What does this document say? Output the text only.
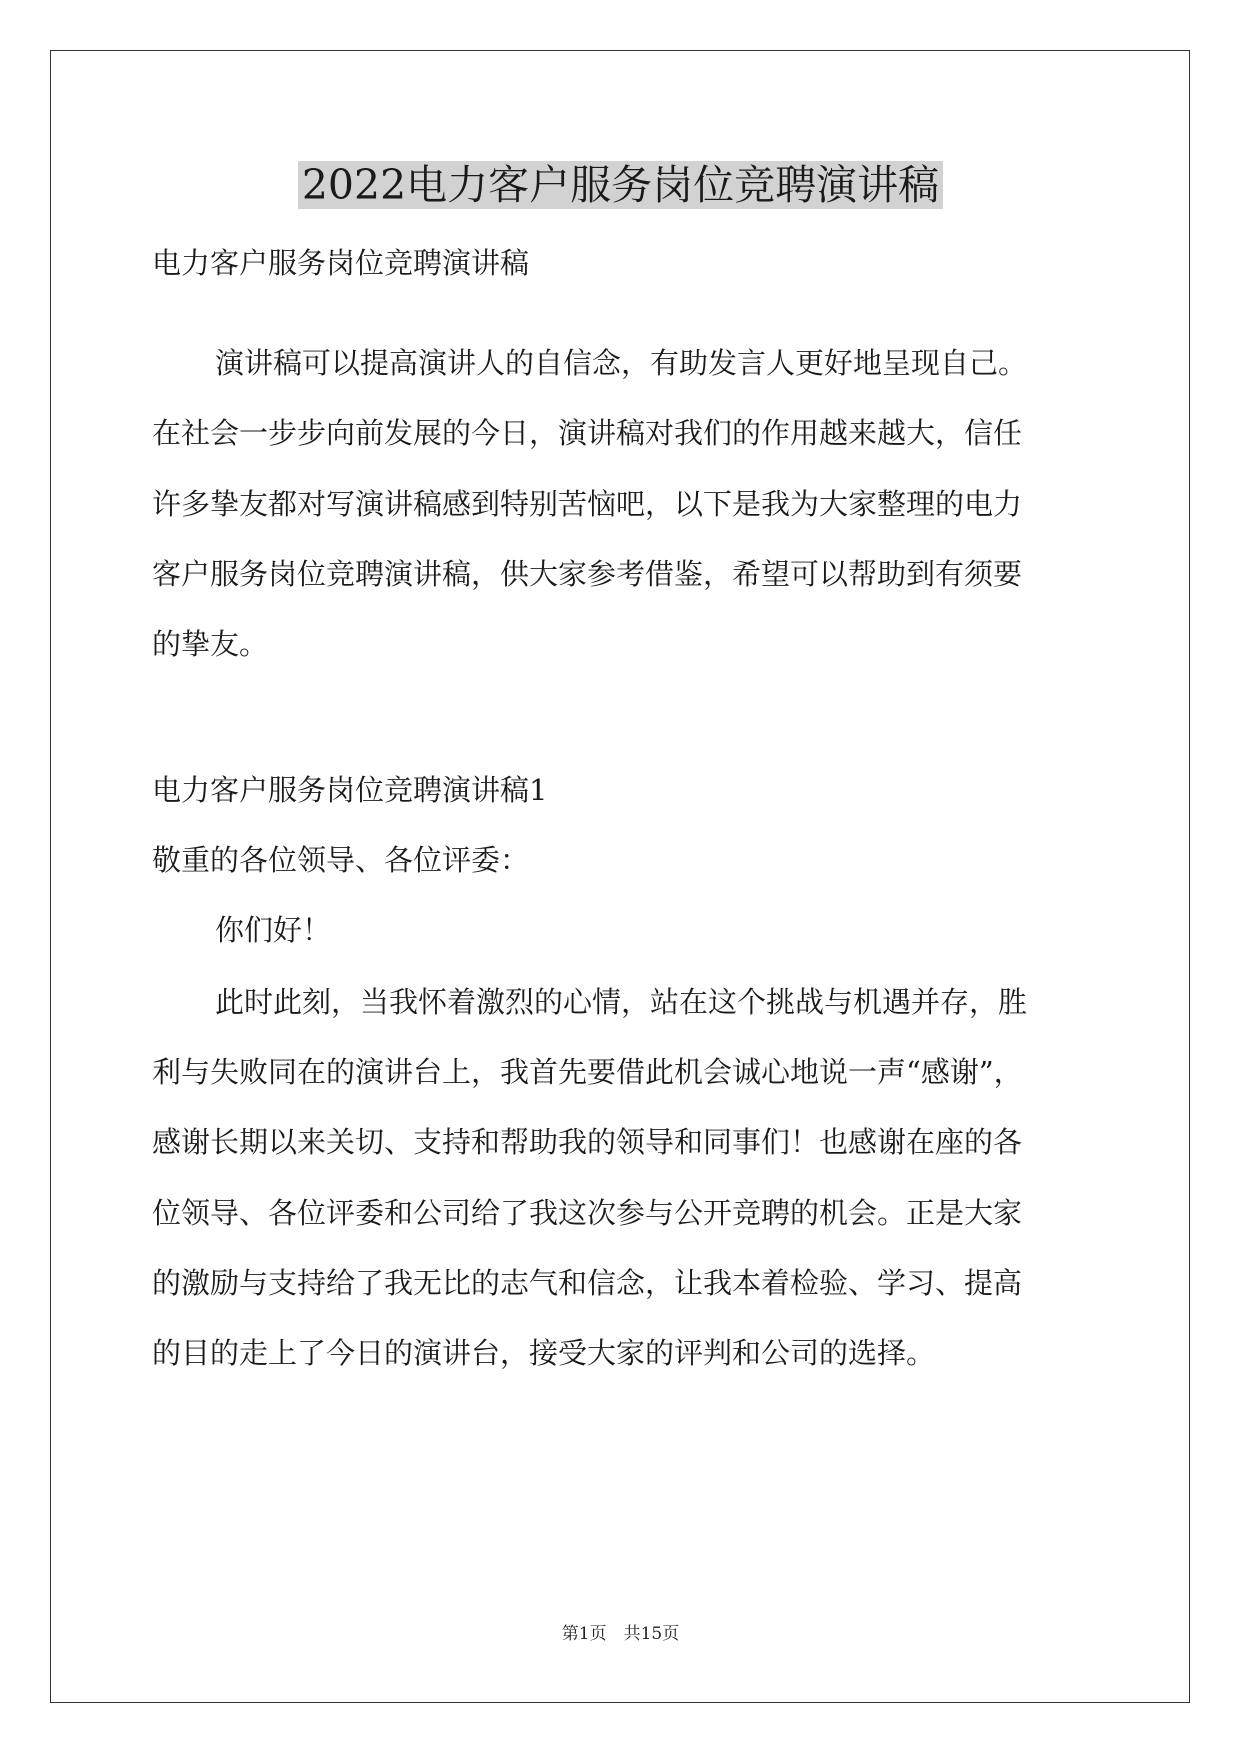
2022电力客户服务岗位竞聘演讲稿
电力客户服务岗位竞聘演讲稿
演讲稿可以提高演讲人的自信念，有助发言人更好地呈现自己。
在社会一步步向前发展的今日，演讲稿对我们的作用越来越大，信任
许多挚友都对写演讲稿感到特别苦恼吧，以下是我为大家整理的电力
客户服务岗位竞聘演讲稿，供大家参考借鉴，希望可以帮助到有须要
的挚友。
电力客户服务岗位竞聘演讲稿1
敬重的各位领导、各位评委：
你们好！
此时此刻，当我怀着激烈的心情，站在这个挑战与机遇并存，胜
利与失败同在的演讲台上，我首先要借此机会诚心地说一声“感谢”，
感谢长期以来关切、支持和帮助我的领导和同事们！也感谢在座的各
位领导、各位评委和公司给了我这次参与公开竞聘的机会。正是大家
的激励与支持给了我无比的志气和信念，让我本着检验、学习、提高
的目的走上了今日的演讲台，接受大家的评判和公司的选择。
第1页　共15页
